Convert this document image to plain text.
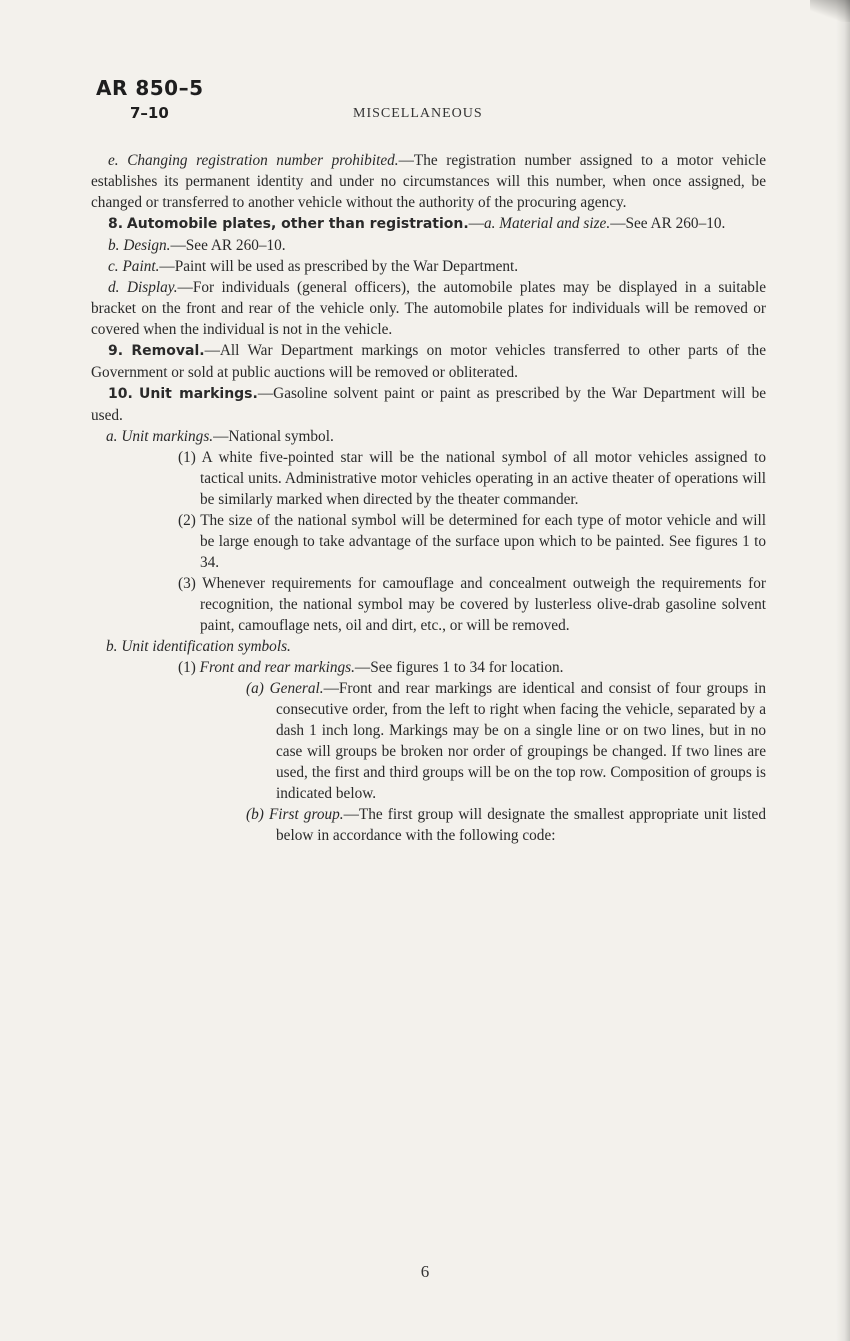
AR 850–5
7–10	MISCELLANEOUS

e. Changing registration number prohibited.—The registration number assigned to a motor vehicle establishes its permanent identity and under no circumstances will this number, when once assigned, be changed or transferred to another vehicle without the authority of the procuring agency.

8. Automobile plates, other than registration.—a. Material and size.—See AR 260–10.

b. Design.—See AR 260–10.

c. Paint.—Paint will be used as prescribed by the War Department.

d. Display.—For individuals (general officers), the automobile plates may be displayed in a suitable bracket on the front and rear of the vehicle only. The automobile plates for individuals will be removed or covered when the individual is not in the vehicle.

9. Removal.—All War Department markings on motor vehicles transferred to other parts of the Government or sold at public auctions will be removed or obliterated.

10. Unit markings.—Gasoline solvent paint or paint as prescribed by the War Department will be used.

a. Unit markings.—National symbol.

(1) A white five-pointed star will be the national symbol of all motor vehicles assigned to tactical units. Administrative motor vehicles operating in an active theater of operations will be similarly marked when directed by the theater commander.

(2) The size of the national symbol will be determined for each type of motor vehicle and will be large enough to take advantage of the surface upon which to be painted. See figures 1 to 34.

(3) Whenever requirements for camouflage and concealment outweigh the requirements for recognition, the national symbol may be covered by lusterless olive-drab gasoline solvent paint, camouflage nets, oil and dirt, etc., or will be removed.

b. Unit identification symbols.

(1) Front and rear markings.—See figures 1 to 34 for location.

(a) General.—Front and rear markings are identical and consist of four groups in consecutive order, from the left to right when facing the vehicle, separated by a dash 1 inch long. Markings may be on a single line or on two lines, but in no case will groups be broken nor order of groupings be changed. If two lines are used, the first and third groups will be on the top row. Composition of groups is indicated below.

(b) First group.—The first group will designate the smallest appropriate unit listed below in accordance with the following code:

6
